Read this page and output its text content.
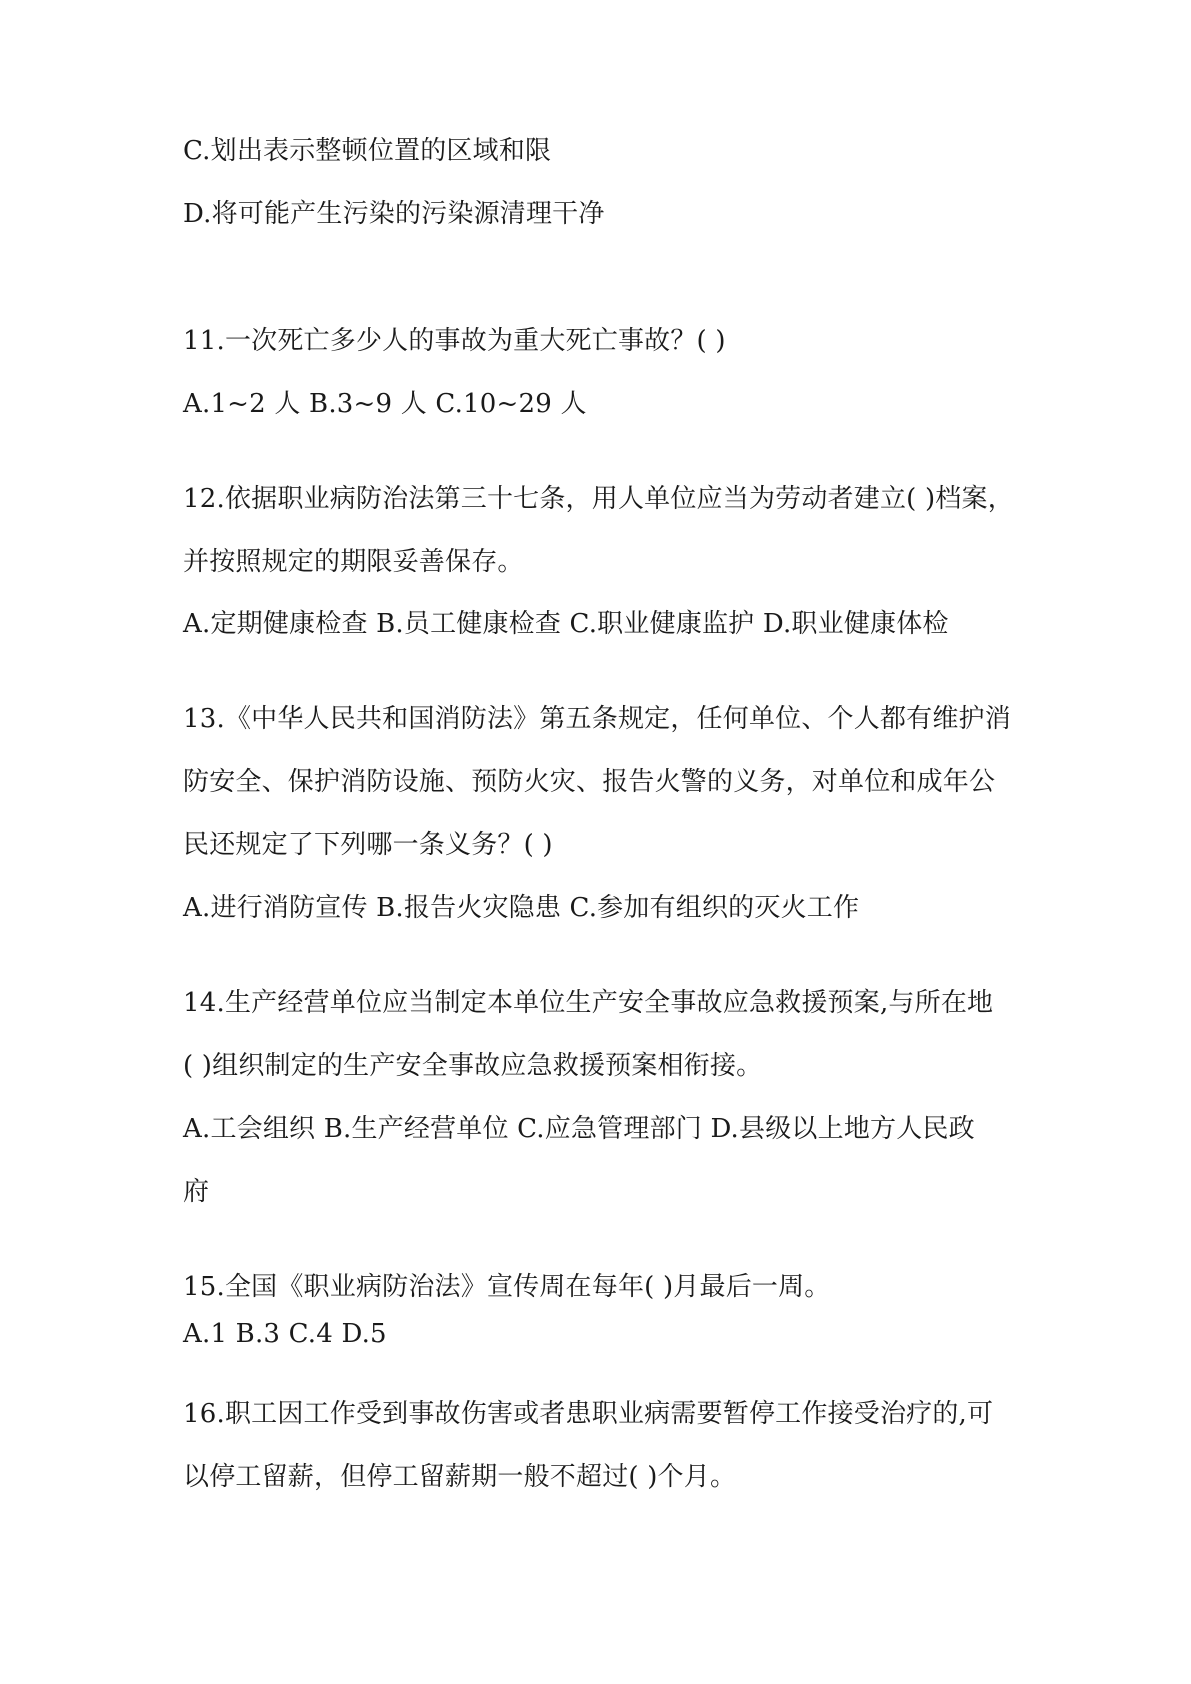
C.划出表示整顿位置的区域和限
D.将可能产生污染的污染源清理干净
11.一次死亡多少人的事故为重大死亡事故？( )
A.1~2 人 B.3~9 人 C.10~29 人
12.依据职业病防治法第三十七条，用人单位应当为劳动者建立( )档案，
并按照规定的期限妥善保存。
A.定期健康检查 B.员工健康检查 C.职业健康监护 D.职业健康体检
13.《中华人民共和国消防法》第五条规定，任何单位、个人都有维护消
防安全、保护消防设施、预防火灾、报告火警的义务，对单位和成年公
民还规定了下列哪一条义务？( )
A.进行消防宣传 B.报告火灾隐患 C.参加有组织的灭火工作
14.生产经营单位应当制定本单位生产安全事故应急救援预案,与所在地
( )组织制定的生产安全事故应急救援预案相衔接。
A.工会组织 B.生产经营单位 C.应急管理部门 D.县级以上地方人民政
府
15.全国《职业病防治法》宣传周在每年( )月最后一周。
A.1 B.3 C.4 D.5
16.职工因工作受到事故伤害或者患职业病需要暂停工作接受治疗的,可
以停工留薪，但停工留薪期一般不超过( )个月。
